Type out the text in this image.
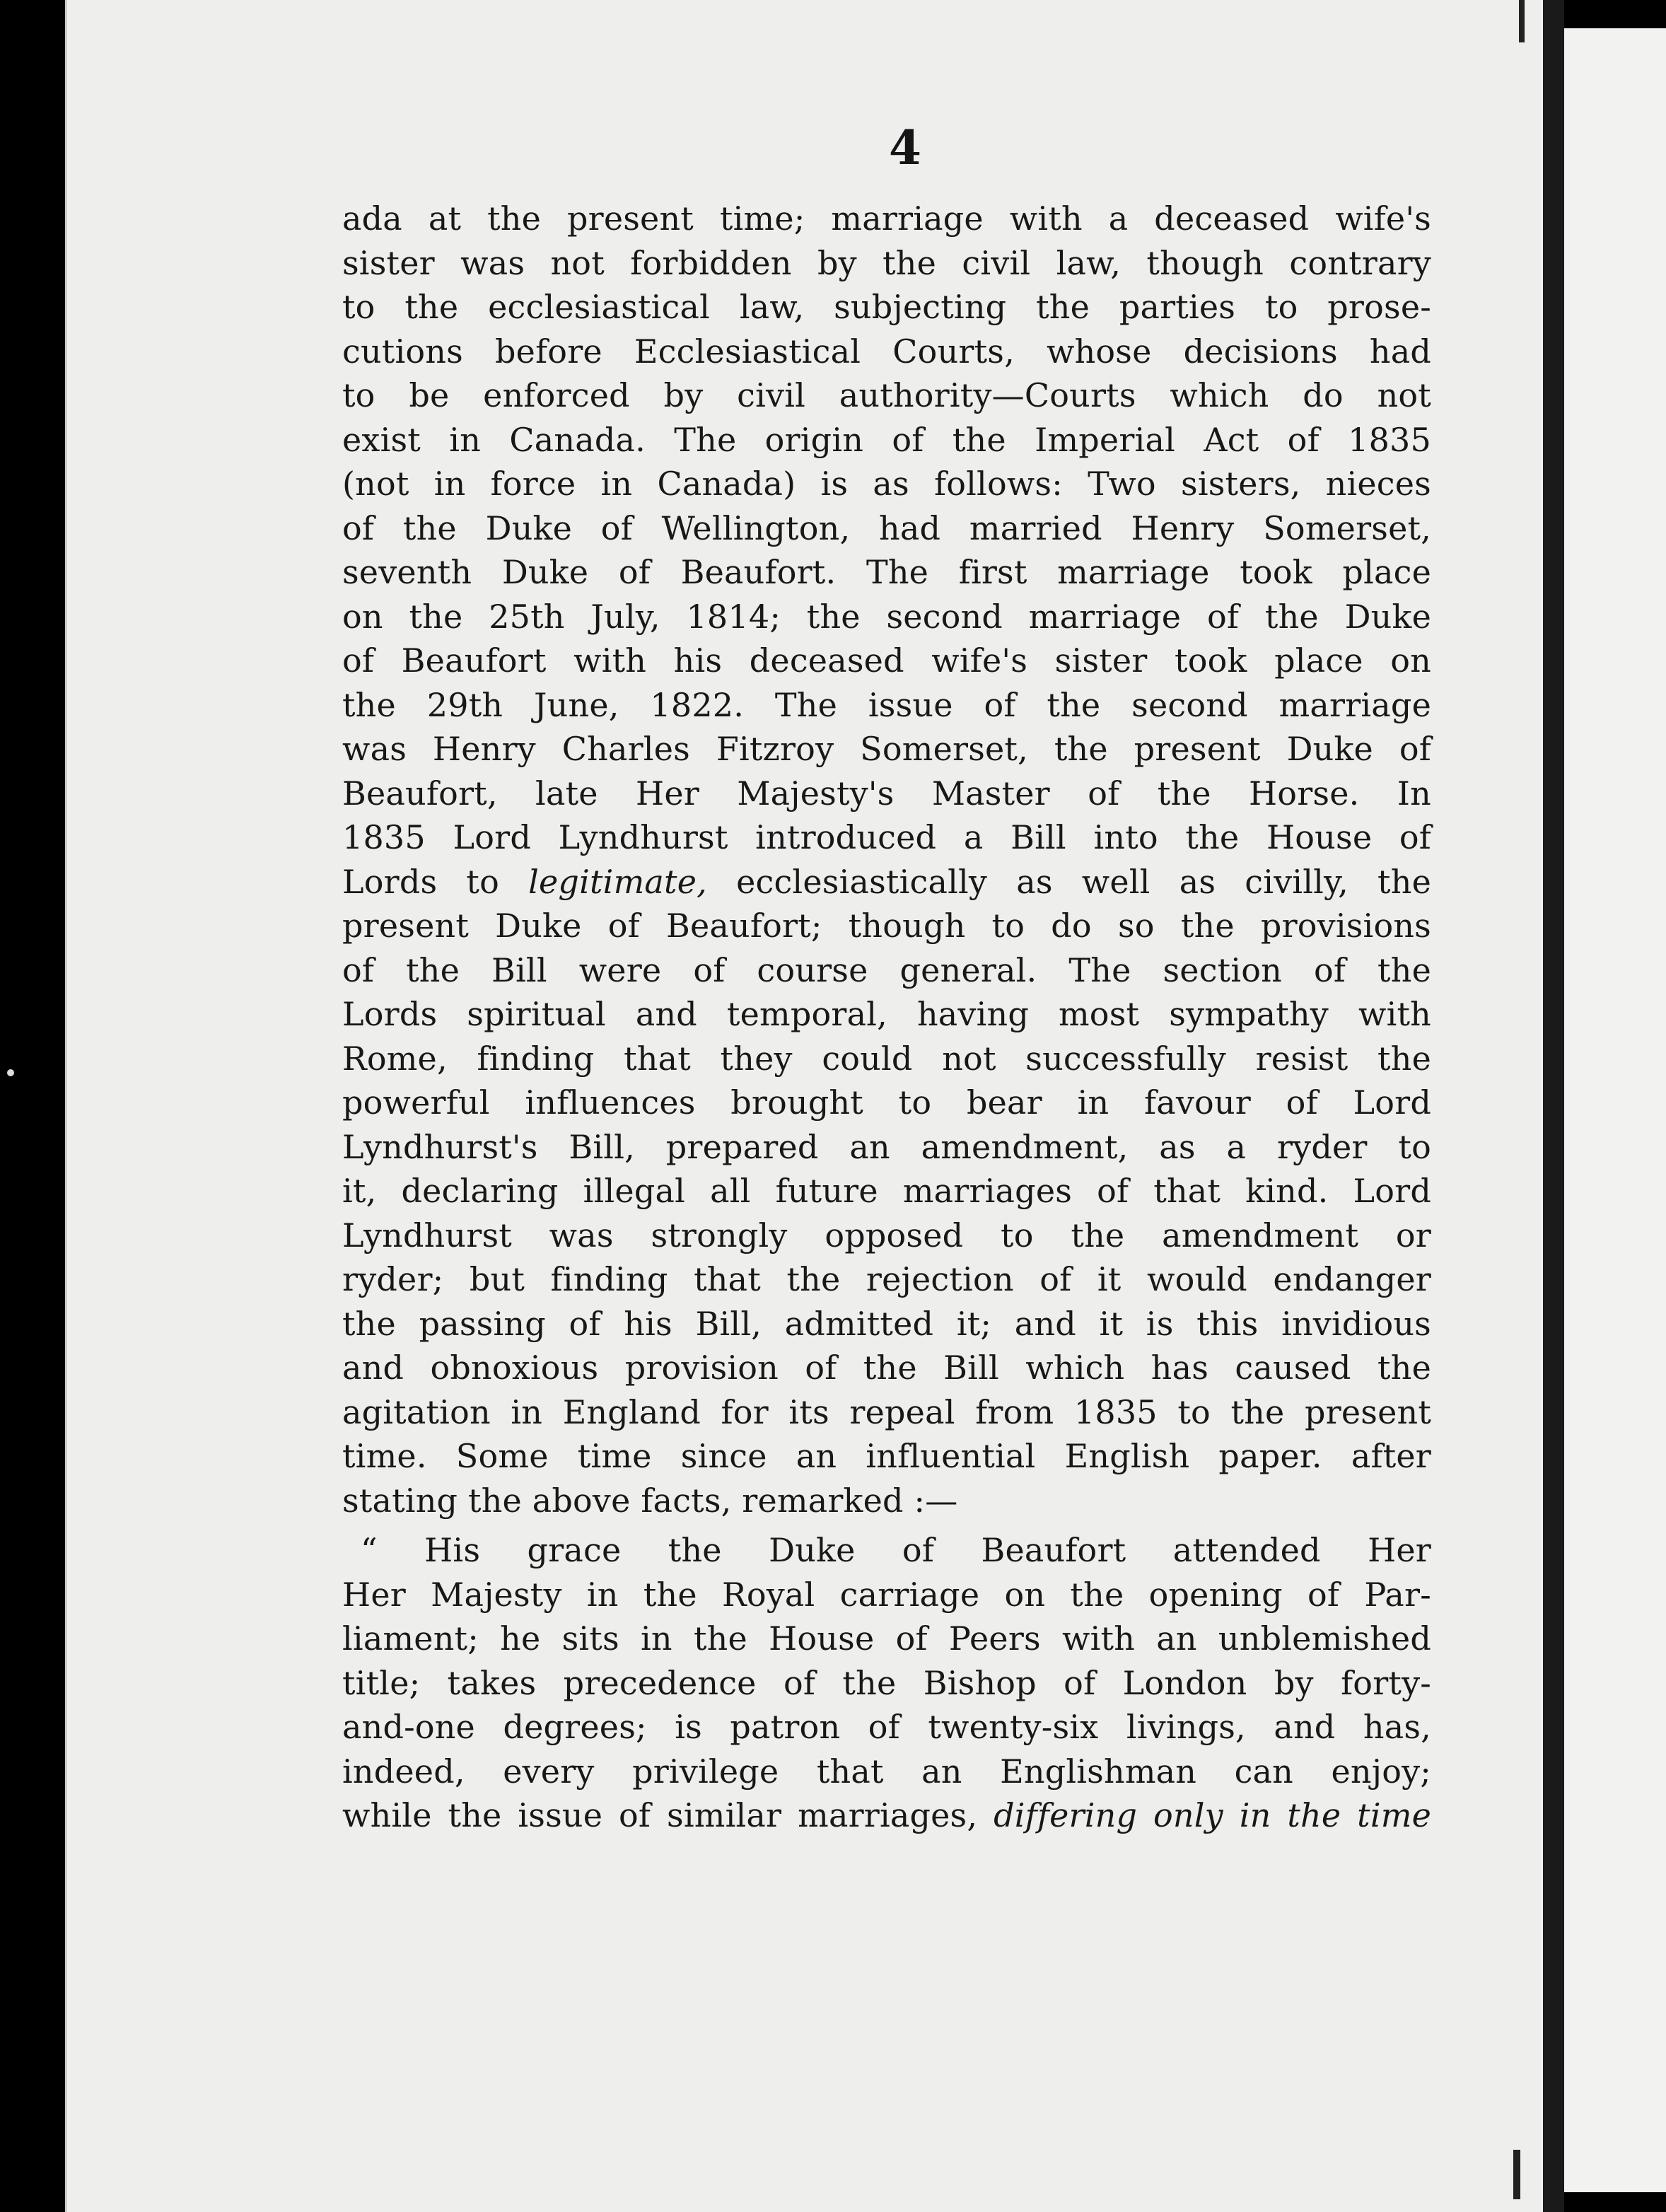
4
ada at the present time; marriage with a deceased wife's
sister was not forbidden by the civil law, though contrary
to the ecclesiastical law, subjecting the parties to prose-
cutions before Ecclesiastical Courts, whose decisions had
to be enforced by civil authority—Courts which do not
exist in Canada. The origin of the Imperial Act of 1835
(not in force in Canada) is as follows: Two sisters, nieces
of the Duke of Wellington, had married Henry Somerset,
seventh Duke of Beaufort. The first marriage took place
on the 25th July, 1814; the second marriage of the Duke
of Beaufort with his deceased wife's sister took place on
the 29th June, 1822. The issue of the second marriage
was Henry Charles Fitzroy Somerset, the present Duke of
Beaufort, late Her Majesty's Master of the Horse. In
1835 Lord Lyndhurst introduced a Bill into the House of
Lords to legitimate, ecclesiastically as well as civilly, the
present Duke of Beaufort; though to do so the provisions
of the Bill were of course general. The section of the
Lords spiritual and temporal, having most sympathy with
Rome, finding that they could not successfully resist the
powerful influences brought to bear in favour of Lord
Lyndhurst's Bill, prepared an amendment, as a ryder to
it, declaring illegal all future marriages of that kind. Lord
Lyndhurst was strongly opposed to the amendment or
ryder; but finding that the rejection of it would endanger
the passing of his Bill, admitted it; and it is this invidious
and obnoxious provision of the Bill which has caused the
agitation in England for its repeal from 1835 to the present
time. Some time since an influential English paper. after
stating the above facts, remarked :—
“ His grace the Duke of Beaufort attended Her
Her Majesty in the Royal carriage on the opening of Par-
liament; he sits in the House of Peers with an unblemished
title; takes precedence of the Bishop of London by forty-
and-one degrees; is patron of twenty-six livings, and has,
indeed, every privilege that an Englishman can enjoy;
while the issue of similar marriages, differing only in the time
